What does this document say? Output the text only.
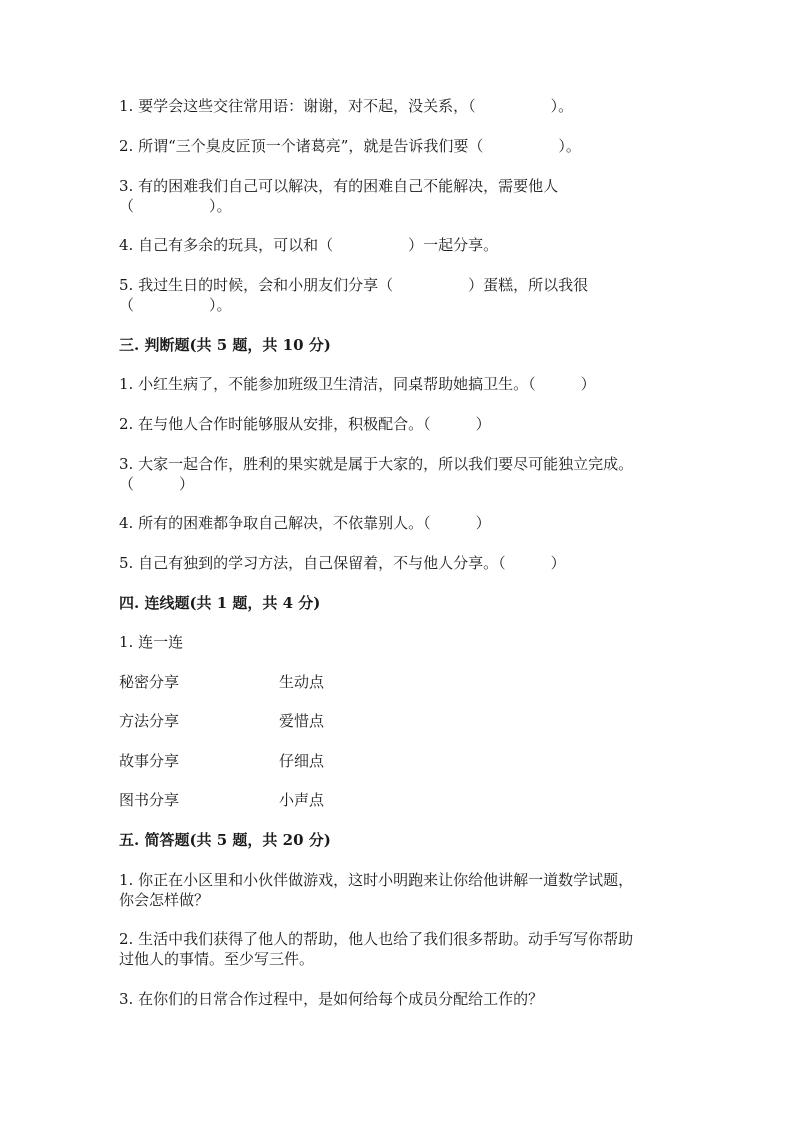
1. 要学会这些交往常用语：谢谢，对不起，没关系，（　　　　　）。
2. 所谓“三个臭皮匠顶一个诸葛亮”，就是告诉我们要（　　　　　）。
3. 有的困难我们自己可以解决，有的困难自己不能解决，需要他人
（　　　　　）。
4. 自己有多余的玩具，可以和（　　　　　）一起分享。
5. 我过生日的时候，会和小朋友们分享（　　　　　）蛋糕，所以我很
（　　　　　）。
三. 判断题(共 5 题，共 10 分)
1. 小红生病了，不能参加班级卫生清洁，同桌帮助她搞卫生。（　　　）
2. 在与他人合作时能够服从安排，积极配合。（　　　）
3. 大家一起合作，胜利的果实就是属于大家的，所以我们要尽可能独立完成。
（　　　）
4. 所有的困难都争取自己解决，不依靠别人。（　　　）
5. 自己有独到的学习方法，自己保留着，不与他人分享。（　　　）
四. 连线题(共 1 题，共 4 分)
1. 连一连
秘密分享	生动点
方法分享	爱惜点
故事分享	仔细点
图书分享	小声点
五. 简答题(共 5 题，共 20 分)
1. 你正在小区里和小伙伴做游戏，这时小明跑来让你给他讲解一道数学试题，
你会怎样做？
2. 生活中我们获得了他人的帮助，他人也给了我们很多帮助。动手写写你帮助
过他人的事情。至少写三件。
3. 在你们的日常合作过程中，是如何给每个成员分配给工作的？
